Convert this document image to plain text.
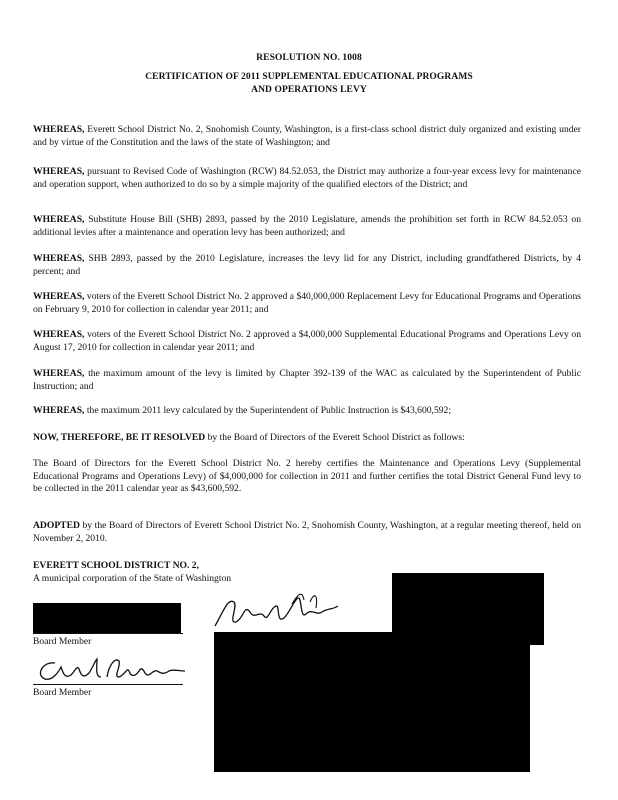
RESOLUTION NO. 1008
CERTIFICATION OF 2011 SUPPLEMENTAL EDUCATIONAL PROGRAMS
AND OPERATIONS LEVY
WHEREAS, Everett School District No. 2, Snohomish County, Washington, is a first-class school district duly organized and existing under and by virtue of the Constitution and the laws of the state of Washington; and
WHEREAS, pursuant to Revised Code of Washington (RCW) 84.52.053, the District may authorize a four-year excess levy for maintenance and operation support, when authorized to do so by a simple majority of the qualified electors of the District; and
WHEREAS, Substitute House Bill (SHB) 2893, passed by the 2010 Legislature, amends the prohibition set forth in RCW 84.52.053 on additional levies after a maintenance and operation levy has been authorized; and
WHEREAS, SHB 2893, passed by the 2010 Legislature, increases the levy lid for any District, including grandfathered Districts, by 4 percent; and
WHEREAS, voters of the Everett School District No. 2 approved a $40,000,000 Replacement Levy for Educational Programs and Operations on February 9, 2010 for collection in calendar year 2011; and
WHEREAS, voters of the Everett School District No. 2 approved a $4,000,000 Supplemental Educational Programs and Operations Levy on August 17, 2010 for collection in calendar year 2011; and
WHEREAS, the maximum amount of the levy is limited by Chapter 392-139 of the WAC as calculated by the Superintendent of Public Instruction; and
WHEREAS, the maximum 2011 levy calculated by the Superintendent of Public Instruction is $43,600,592;
NOW, THEREFORE, BE IT RESOLVED by the Board of Directors of the Everett School District as follows:
The Board of Directors for the Everett School District No. 2 hereby certifies the Maintenance and Operations Levy (Supplemental Educational Programs and Operations Levy) of $4,000,000 for collection in 2011 and further certifies the total District General Fund levy to be collected in the 2011 calendar year as $43,600,592.
ADOPTED by the Board of Directors of Everett School District No. 2, Snohomish County, Washington, at a regular meeting thereof, held on November 2, 2010.
EVERETT SCHOOL DISTRICT NO. 2,
A municipal corporation of the State of Washington
Board Member
Board Member
